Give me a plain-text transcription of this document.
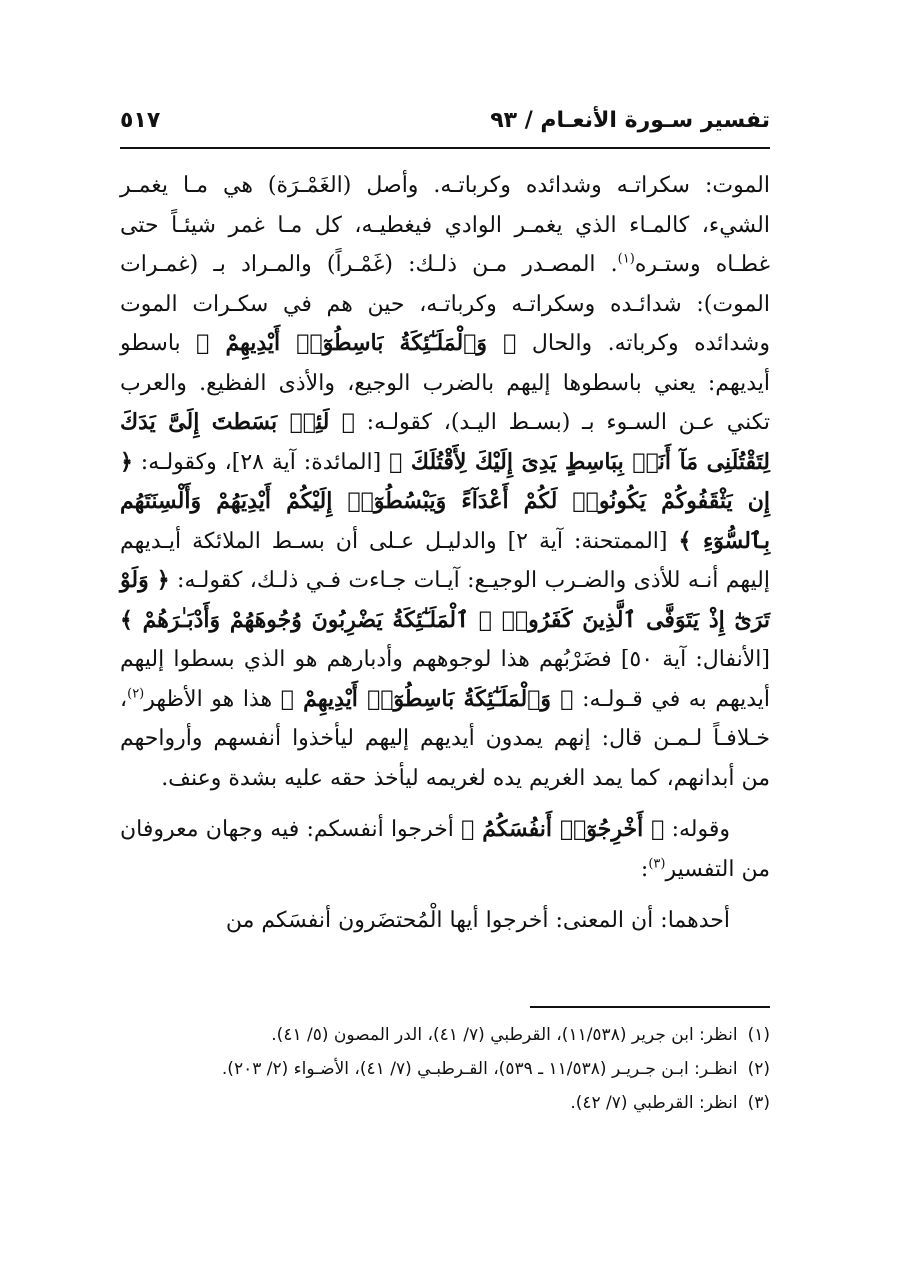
تفسير سـورة الأنعـام / ٩٣
٥١٧

الموت: سكراتـه وشدائده وكرباتـه. وأصل (الغَمْـرَة) هي مـا يغمـر الشيء، كالمـاء الذي يغمـر الوادي فيغطيـه، كل مـا غمر شيئـاً حتى غطـاه وستـره$^{(١)}$. المصـدر مـن ذلـك: (غَمْـراً) والمـراد بـ (غمـرات الموت): شدائـده وسكراتـه وكرباتـه، حين هم في سكـرات الموت وشدائده وكرباته. والحال ﴿ وَٱلْمَلَـٰٓئِكَةُ بَاسِطُوٓا۟ أَيْدِيهِمْ ﴾ باسطو أيديهم: يعني باسطوها إليهم بالضرب الوجيع، والأذى الفظيع. والعرب تكني عـن السـوء بـ (بسـط اليـد)، كقولـه: ﴿ لَئِنۢ بَسَطتَ إِلَىَّ يَدَكَ لِتَقْتُلَنِى مَآ أَنَا۠ بِبَاسِطٍ يَدِىَ إِلَيْكَ لِأَقْتُلَكَ ﴾ [المائدة: آية ٢٨]، وكقولـه: ﴿ إِن يَثْقَفُوكُمْ يَكُونُوا۟ لَكُمْ أَعْدَآءً وَيَبْسُطُوٓا۟ إِلَيْكُمْ أَيْدِيَهُمْ وَأَلْسِنَتَهُم بِٱلسُّوٓءِ ﴾ [الممتحنة: آية ٢] والدليـل عـلى أن بسـط الملائكة أيـديهم إليهم أنـه للأذى والضـرب الوجيـع: آيـات جـاءت فـي ذلـك، كقولـه: ﴿ وَلَوْ تَرَىٰٓ إِذْ يَتَوَفَّى ٱلَّذِينَ كَفَرُوا۟ ۙ ٱلْمَلَـٰٓئِكَةُ يَضْرِبُونَ وُجُوهَهُمْ وَأَدْبَـٰرَهُمْ ﴾ [الأنفال: آية ٥٠] فضَرْبُهم هذا لوجوههم وأدبارهم هو الذي بسطوا إليهم أيديهم به في قـولـه: ﴿ وَٱلْمَلَـٰٓئِكَةُ بَاسِطُوٓا۟ أَيْدِيهِمْ ﴾ هذا هو الأظهر$^{(٢)}$، خـلافـاً لـمـن قال: إنهم يمدون أيديهم إليهم ليأخذوا أنفسهم وأرواحهم من أبدانهم، كما يمد الغريم يده لغريمه ليأخذ حقه عليه بشدة وعنف.

وقوله: ﴿ أَخْرِجُوٓا۟ أَنفُسَكُمُ ﴾ أخرجوا أنفسكم: فيه وجهان معروفان من التفسير$^{(٣)}$:

أحدهما: أن المعنى: أخرجوا أيها الْمُحتضَرون أنفسَكم من

(١)انظر: ابن جرير (١١/٥٣٨)، القرطبي (٧/ ٤١)، الدر المصون (٥/ ٤١).

(٢)انظـر: ابـن جـريـر (١١/٥٣٨ ـ ٥٣٩)، القـرطبـي (٧/ ٤١)، الأضـواء (٢/ ٢٠٣).

(٣)انظر: القرطبي (٧/ ٤٢).
